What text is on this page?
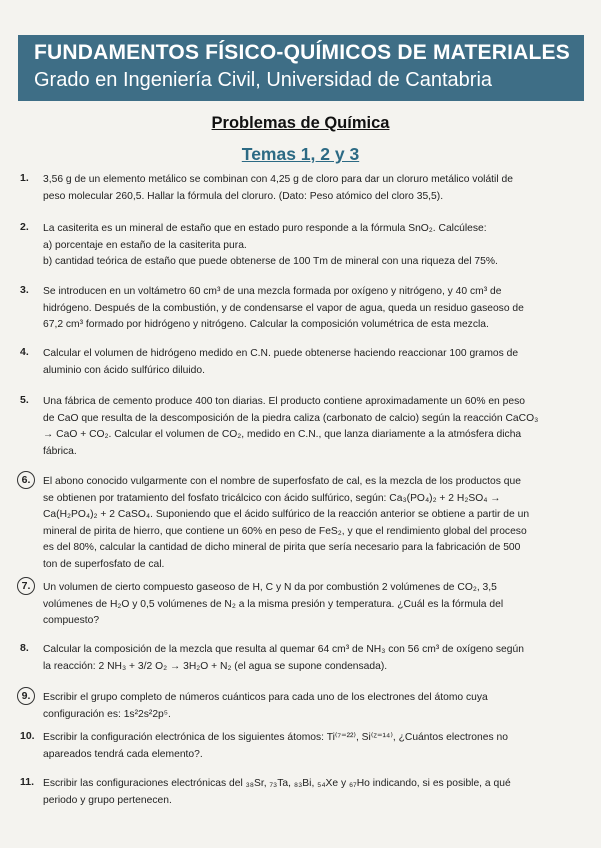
FUNDAMENTOS FÍSICO-QUÍMICOS DE MATERIALES
Grado en Ingeniería Civil, Universidad de Cantabria
Problemas de Química
Temas 1, 2 y 3
1.	3,56 g de un elemento metálico se combinan con 4,25 g de cloro para dar un cloruro metálico volátil de
peso molecular 260,5. Hallar la fórmula del cloruro. (Dato: Peso atómico del cloro 35,5).
2.	La casiterita es un mineral de estaño que en estado puro responde a la fórmula SnO₂. Calcúlese:
a) porcentaje en estaño de la casiterita pura.
b) cantidad teórica de estaño que puede obtenerse de 100 Tm de mineral con una riqueza del 75%.
3.	Se introducen en un voltámetro 60 cm³ de una mezcla formada por oxígeno y nitrógeno, y 40 cm³ de
hidrógeno. Después de la combustión, y de condensarse el vapor de agua, queda un residuo gaseoso de
67,2 cm³ formado por hidrógeno y nitrógeno. Calcular la composición volumétrica de esta mezcla.
4.	Calcular el volumen de hidrógeno medido en C.N. puede obtenerse haciendo reaccionar 100 gramos de
aluminio con ácido sulfúrico diluido.
5.	Una fábrica de cemento produce 400 ton diarias. El producto contiene aproximadamente un 60% en peso
de CaO que resulta de la descomposición de la piedra caliza (carbonato de calcio) según la reacción CaCO₃
→ CaO + CO₂. Calcular el volumen de CO₂, medido en C.N., que lanza diariamente a la atmósfera dicha
fábrica.
6.	El abono conocido vulgarmente con el nombre de superfosfato de cal, es la mezcla de los productos que
se obtienen por tratamiento del fosfato tricálcico con ácido sulfúrico, según: Ca₃(PO₄)₂ + 2 H₂SO₄ →
Ca(H₂PO₄)₂ + 2 CaSO₄. Suponiendo que el ácido sulfúrico de la reacción anterior se obtiene a partir de un
mineral de pirita de hierro, que contiene un 60% en peso de FeS₂, y que el rendimiento global del proceso
es del 80%, calcular la cantidad de dicho mineral de pirita que sería necesario para la fabricación de 500
ton de superfosfato de cal.
7.	Un volumen de cierto compuesto gaseoso de H, C y N da por combustión 2 volúmenes de CO₂, 3,5
volúmenes de H₂O y 0,5 volúmenes de N₂ a la misma presión y temperatura. ¿Cuál es la fórmula del
compuesto?
8.	Calcular la composición de la mezcla que resulta al quemar 64 cm³ de NH₃ con 56 cm³ de oxígeno según
la reacción: 2 NH₃ + 3/2 O₂ → 3H₂O + N₂ (el agua se supone condensada).
9.	Escribir el grupo completo de números cuánticos para cada uno de los electrones del átomo cuya
configuración es: 1s²2s²2p⁵.
10. Escribir la configuración electrónica de los siguientes átomos: Ti⁽⁷⁼²²⁾, Si⁽ᶻ⁼¹⁴⁾, ¿Cuántos electrones no
apareados tendrá cada elemento?.
11. Escribir las configuraciones electrónicas del ₃₈Sr, ₇₃Ta, ₈₃Bi, ₅₄Xe y ₆₇Ho indicando, si es posible, a qué
periodo y grupo pertenecen.
